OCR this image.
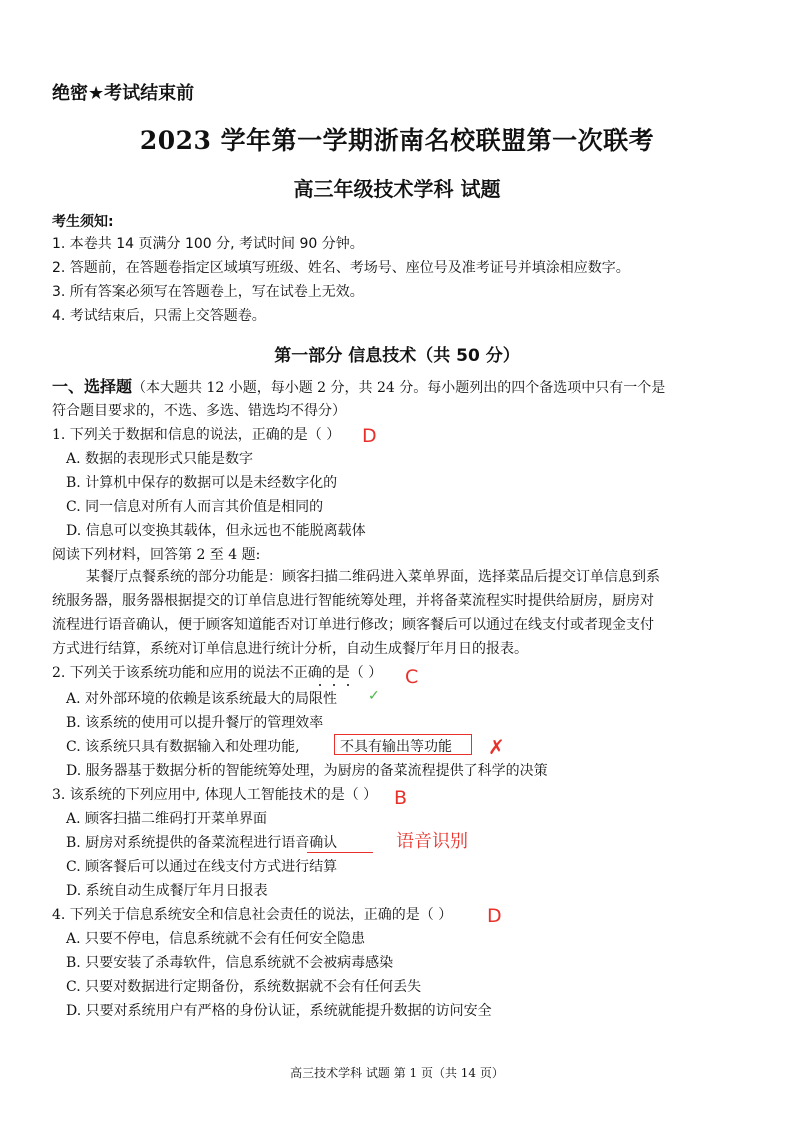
绝密★考试结束前
2023 学年第一学期浙南名校联盟第一次联考
高三年级技术学科 试题
考生须知:
1. 本卷共 14 页满分 100 分, 考试时间 90 分钟。
2. 答题前，在答题卷指定区域填写班级、姓名、考场号、座位号及准考证号并填涂相应数字。
3. 所有答案必须写在答题卷上，写在试卷上无效。
4. 考试结束后，只需上交答题卷。
第一部分 信息技术（共 50 分）
一、选择题（本大题共 12 小题，每小题 2 分，共 24 分。每小题列出的四个备选项中只有一个是
符合题目要求的，不选、多选、错选均不得分）
1. 下列关于数据和信息的说法，正确的是（ ） D
A. 数据的表现形式只能是数字
B. 计算机中保存的数据可以是未经数字化的
C. 同一信息对所有人而言其价值是相同的
D. 信息可以变换其载体，但永远也不能脱离载体
阅读下列材料，回答第 2 至 4 题:
某餐厅点餐系统的部分功能是：顾客扫描二维码进入菜单界面，选择菜品后提交订单信息到系
统服务器，服务器根据提交的订单信息进行智能统筹处理，并将备菜流程实时提供给厨房，厨房对
流程进行语音确认，便于顾客知道能否对订单进行修改；顾客餐后可以通过在线支付或者现金支付
方式进行结算，系统对订单信息进行统计分析，自动生成餐厅年月日的报表。
2. 下列关于该系统功能和应用的说法不正确的是（ ） C
A. 对外部环境的依赖是该系统最大的局限性 ✓
B. 该系统的使用可以提升餐厅的管理效率
C. 该系统只具有数据输入和处理功能,	不具有输出等功能 ✗
D. 服务器基于数据分析的智能统筹处理，为厨房的备菜流程提供了科学的决策
3. 该系统的下列应用中, 体现人工智能技术的是（ ） B
A. 顾客扫描二维码打开菜单界面
B. 厨房对系统提供的备菜流程进行语音确认	语音识别
C. 顾客餐后可以通过在线支付方式进行结算
D. 系统自动生成餐厅年月日报表
4. 下列关于信息系统安全和信息社会责任的说法，正确的是（ ） D
A. 只要不停电，信息系统就不会有任何安全隐患
B. 只要安装了杀毒软件，信息系统就不会被病毒感染
C. 只要对数据进行定期备份，系统数据就不会有任何丢失
D. 只要对系统用户有严格的身份认证，系统就能提升数据的访问安全
高三技术学科 试题 第 1 页（共 14 页）
